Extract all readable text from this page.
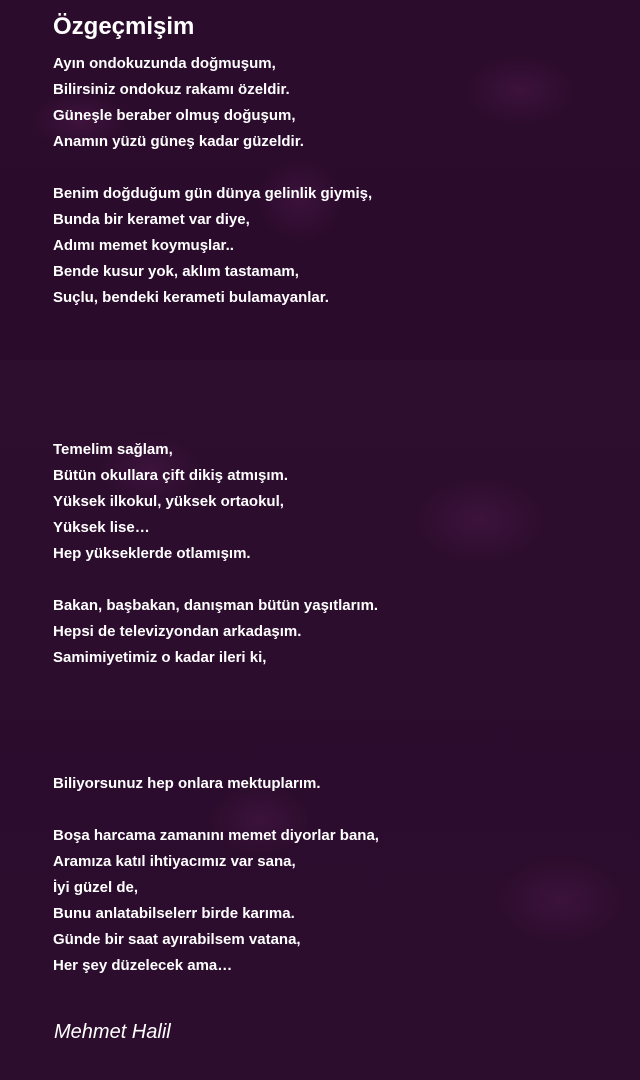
Özgeçmişim
Ayın ondokuzunda doğmuşum,
Bilirsiniz ondokuz rakamı özeldir.
Güneşle beraber olmuş doğuşum,
Anamın yüzü güneş kadar güzeldir.
Benim doğduğum gün dünya gelinlik giymiş,
Bunda bir keramet var diye,
Adımı memet koymuşlar..
Bende kusur yok, aklım tastamam,
Suçlu, bendeki kerameti bulamayanlar.
Temelim sağlam,
Bütün okullara çift dikiş atmışım.
Yüksek ilkokul, yüksek ortaokul,
Yüksek lise…
Hep yükseklerde otlamışım.
Bakan, başbakan, danışman bütün yaşıtlarım.
Hepsi de televizyondan arkadaşım.
Samimiyetimiz o kadar ileri ki,
Biliyorsunuz hep onlara mektuplarım.
Boşa harcama zamanını memet diyorlar bana,
Aramıza katıl ihtiyacımız var sana,
İyi güzel de,
Bunu anlatabilselerr birde karıma.
Günde bir saat ayırabilsem vatana,
Her şey düzelecek ama…
Mehmet Halil
